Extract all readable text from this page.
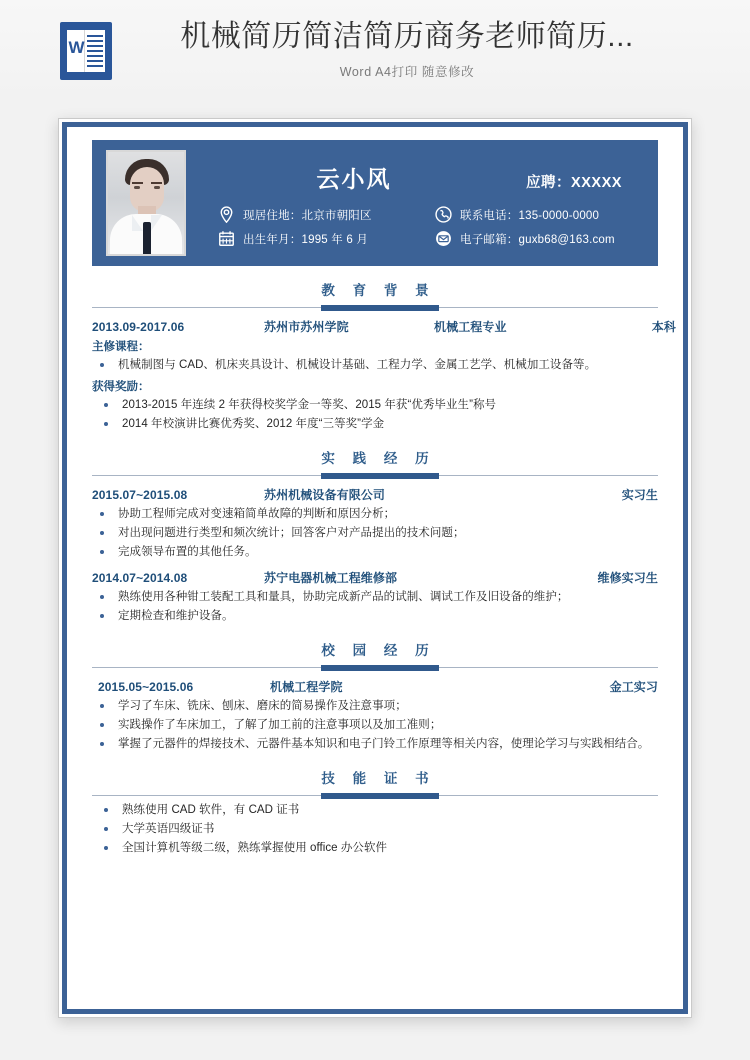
W	机械简历简洁简历商务老师简历...
Word A4打印 随意修改
云小风	应聘：XXXXX
现居住地：北京市朝阳区	联系电话：135-0000-0000
出生年月：1995 年 6 月	电子邮箱：guxb68@163.com
教 育 背 景
2013.09-2017.06	苏州市苏州学院	机械工程专业	本科
主修课程：
机械制图与 CAD、机床夹具设计、机械设计基础、工程力学、金属工艺学、机械加工设备等。
获得奖励：
2013-2015 年连续 2 年获得校奖学金一等奖、2015 年获“优秀毕业生”称号
2014 年校演讲比赛优秀奖、2012 年度“三等奖”学金
实 践 经 历
2015.07~2015.08	苏州机械设备有限公司	实习生
协助工程师完成对变速箱简单故障的判断和原因分析；
对出现问题进行类型和频次统计；回答客户对产品提出的技术问题；
完成领导布置的其他任务。
2014.07~2014.08	苏宁电器机械工程维修部	维修实习生
熟练使用各种钳工装配工具和量具，协助完成新产品的试制、调试工作及旧设备的维护；
定期检查和维护设备。
校 园 经 历
2015.05~2015.06	机械工程学院	金工实习
学习了车床、铣床、刨床、磨床的简易操作及注意事项；
实践操作了车床加工，了解了加工前的注意事项以及加工准则；
掌握了元器件的焊接技术、元器件基本知识和电子门铃工作原理等相关内容，使理论学习与实践相结合。
技 能 证 书
熟练使用 CAD 软件，有 CAD 证书
大学英语四级证书
全国计算机等级二级，熟练掌握使用 office 办公软件
